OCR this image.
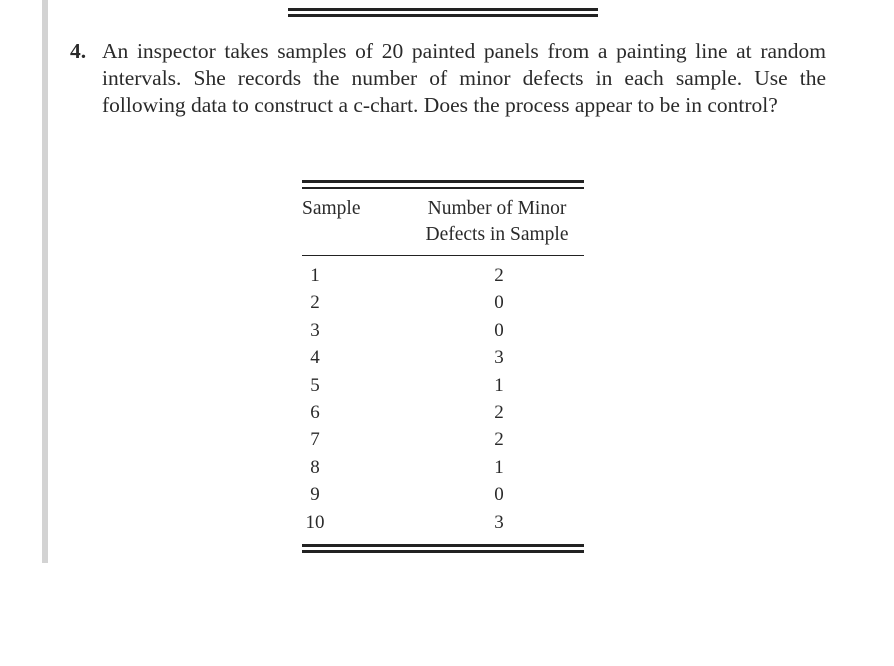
4. An inspector takes samples of 20 painted panels from a painting line at random intervals. She records the number of minor defects in each sample. Use the following data to construct a c-chart. Does the process appear to be in control?
Sample	Number of Minor
Defects in Sample
1	2
2	0
3	0
4	3
5	1
6	2
7	2
8	1
9	0
10	3
